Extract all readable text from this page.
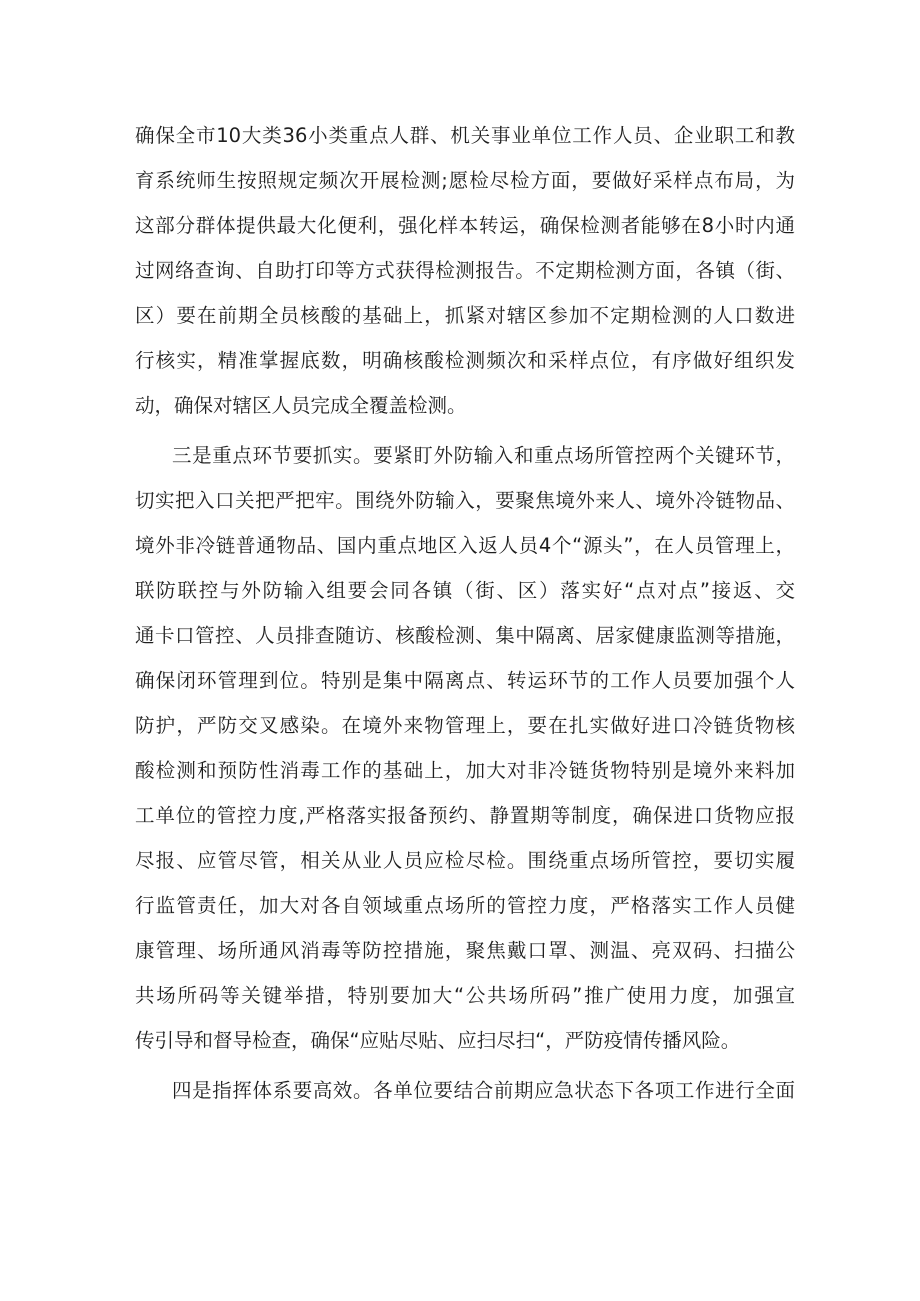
确保全市10大类36小类重点人群、机关事业单位工作人员、企业职工和教
育系统师生按照规定频次开展检测;愿检尽检方面，要做好采样点布局，为
这部分群体提供最大化便利，强化样本转运，确保检测者能够在8小时内通
过网络查询、自助打印等方式获得检测报告。不定期检测方面，各镇（街、
区）要在前期全员核酸的基础上，抓紧对辖区参加不定期检测的人口数进
行核实，精准掌握底数，明确核酸检测频次和采样点位，有序做好组织发
动，确保对辖区人员完成全覆盖检测。
三是重点环节要抓实。要紧盯外防输入和重点场所管控两个关键环节，
切实把入口关把严把牢。围绕外防输入，要聚焦境外来人、境外冷链物品、
境外非冷链普通物品、国内重点地区入返人员4个“源头”，在人员管理上，
联防联控与外防输入组要会同各镇（街、区）落实好“点对点”接返、交
通卡口管控、人员排查随访、核酸检测、集中隔离、居家健康监测等措施，
确保闭环管理到位。特别是集中隔离点、转运环节的工作人员要加强个人
防护，严防交叉感染。在境外来物管理上，要在扎实做好进口冷链货物核
酸检测和预防性消毒工作的基础上，加大对非冷链货物特别是境外来料加
工单位的管控力度,严格落实报备预约、静置期等制度，确保进口货物应报
尽报、应管尽管，相关从业人员应检尽检。围绕重点场所管控，要切实履
行监管责任，加大对各自领域重点场所的管控力度，严格落实工作人员健
康管理、场所通风消毒等防控措施，聚焦戴口罩、测温、亮双码、扫描公
共场所码等关键举措，特别要加大“公共场所码”推广使用力度，加强宣
传引导和督导检查，确保“应贴尽贴、应扫尽扫“，严防疫情传播风险。
四是指挥体系要高效。各单位要结合前期应急状态下各项工作进行全面
